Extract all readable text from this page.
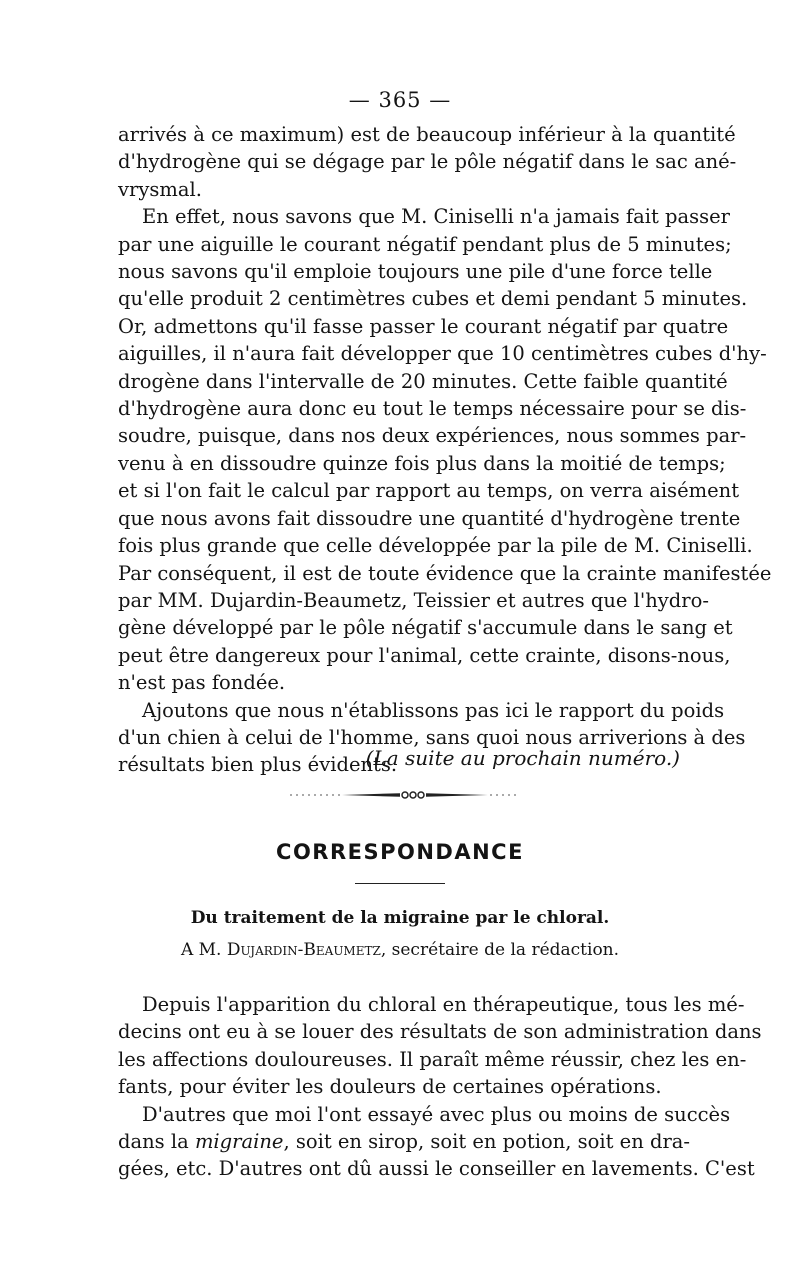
— 365 —
arrivés à ce maximum) est de beaucoup inférieur à la quantité
d'hydrogène qui se dégage par le pôle négatif dans le sac ané-
vrysmal.
En effet, nous savons que M. Ciniselli n'a jamais fait passer
par une aiguille le courant négatif pendant plus de 5 minutes;
nous savons qu'il emploie toujours une pile d'une force telle
qu'elle produit 2 centimètres cubes et demi pendant 5 minutes.
Or, admettons qu'il fasse passer le courant négatif par quatre
aiguilles, il n'aura fait développer que 10 centimètres cubes d'hy-
drogène dans l'intervalle de 20 minutes. Cette faible quantité
d'hydrogène aura donc eu tout le temps nécessaire pour se dis-
soudre, puisque, dans nos deux expériences, nous sommes par-
venu à en dissoudre quinze fois plus dans la moitié de temps;
et si l'on fait le calcul par rapport au temps, on verra aisément
que nous avons fait dissoudre une quantité d'hydrogène trente
fois plus grande que celle développée par la pile de M. Ciniselli.
Par conséquent, il est de toute évidence que la crainte manifestée
par MM. Dujardin-Beaumetz, Teissier et autres que l'hydro-
gène développé par le pôle négatif s'accumule dans le sang et
peut être dangereux pour l'animal, cette crainte, disons-nous,
n'est pas fondée.
Ajoutons que nous n'établissons pas ici le rapport du poids
d'un chien à celui de l'homme, sans quoi nous arriverions à des
résultats bien plus évidents.
(La suite au prochain numéro.)
CORRESPONDANCE
Du traitement de la migraine par le chloral.
A M. Dujardin-Beaumetz, secrétaire de la rédaction.
Depuis l'apparition du chloral en thérapeutique, tous les mé-
decins ont eu à se louer des résultats de son administration dans
les affections douloureuses. Il paraît même réussir, chez les en-
fants, pour éviter les douleurs de certaines opérations.
D'autres que moi l'ont essayé avec plus ou moins de succès
dans la migraine, soit en sirop, soit en potion, soit en dra-
gées, etc. D'autres ont dû aussi le conseiller en lavements. C'est
